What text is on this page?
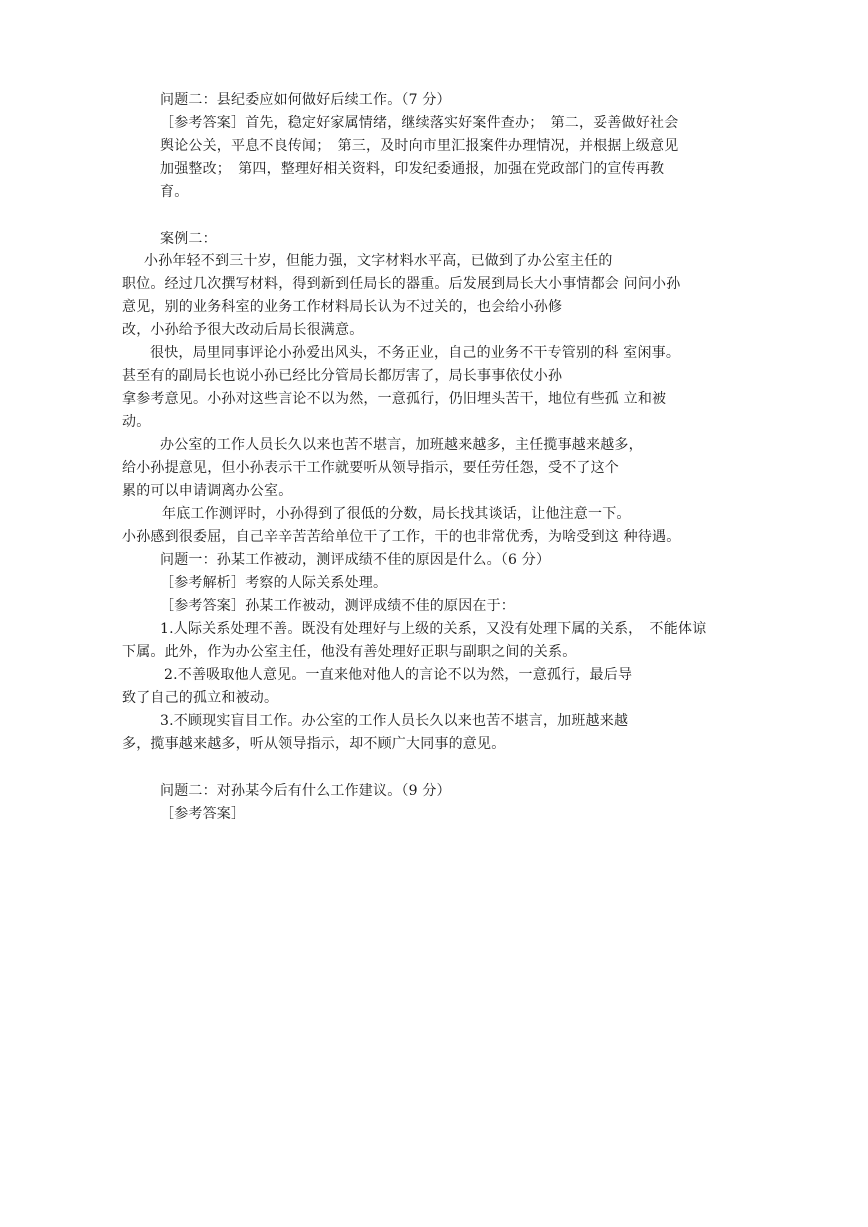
问题二：县纪委应如何做好后续工作。（7 分）
［参考答案］首先，稳定好家属情绪，继续落实好案件查办；　第二，妥善做好社会
舆论公关，平息不良传闻；　第三，及时向市里汇报案件办理情况，并根据上级意见
加强整改；　第四，整理好相关资料，印发纪委通报，加强在党政部门的宣传再教
育。
案例二：
小孙年轻不到三十岁，但能力强，文字材料水平高，已做到了办公室主任的
职位。经过几次撰写材料，得到新到任局长的器重。后发展到局长大小事情都会 问问小孙
意见，别的业务科室的业务工作材料局长认为不过关的，也会给小孙修
改，小孙给予很大改动后局长很满意。
很快，局里同事评论小孙爱出风头，不务正业，自己的业务不干专管别的科 室闲事。
甚至有的副局长也说小孙已经比分管局长都厉害了，局长事事依仗小孙
拿参考意见。小孙对这些言论不以为然，一意孤行，仍旧埋头苦干，地位有些孤 立和被
动。
办公室的工作人员长久以来也苦不堪言，加班越来越多，主任揽事越来越多，
给小孙提意见，但小孙表示干工作就要听从领导指示，要任劳任怨，受不了这个
累的可以申请调离办公室。
年底工作测评时，小孙得到了很低的分数，局长找其谈话，让他注意一下。
小孙感到很委屈，自己辛辛苦苦给单位干了工作，干的也非常优秀，为啥受到这 种待遇。
问题一：孙某工作被动，测评成绩不佳的原因是什么。（6 分）
［参考解析］考察的人际关系处理。
［参考答案］孙某工作被动，测评成绩不佳的原因在于：
1.人际关系处理不善。既没有处理好与上级的关系，又没有处理下属的关系，　不能体谅
下属。此外，作为办公室主任，他没有善处理好正职与副职之间的关系。
2.不善吸取他人意见。一直来他对他人的言论不以为然，一意孤行，最后导
致了自己的孤立和被动。
3.不顾现实盲目工作。办公室的工作人员长久以来也苦不堪言，加班越来越
多，揽事越来越多，听从领导指示，却不顾广大同事的意见。
问题二：对孙某今后有什么工作建议。（9 分）
［参考答案］
